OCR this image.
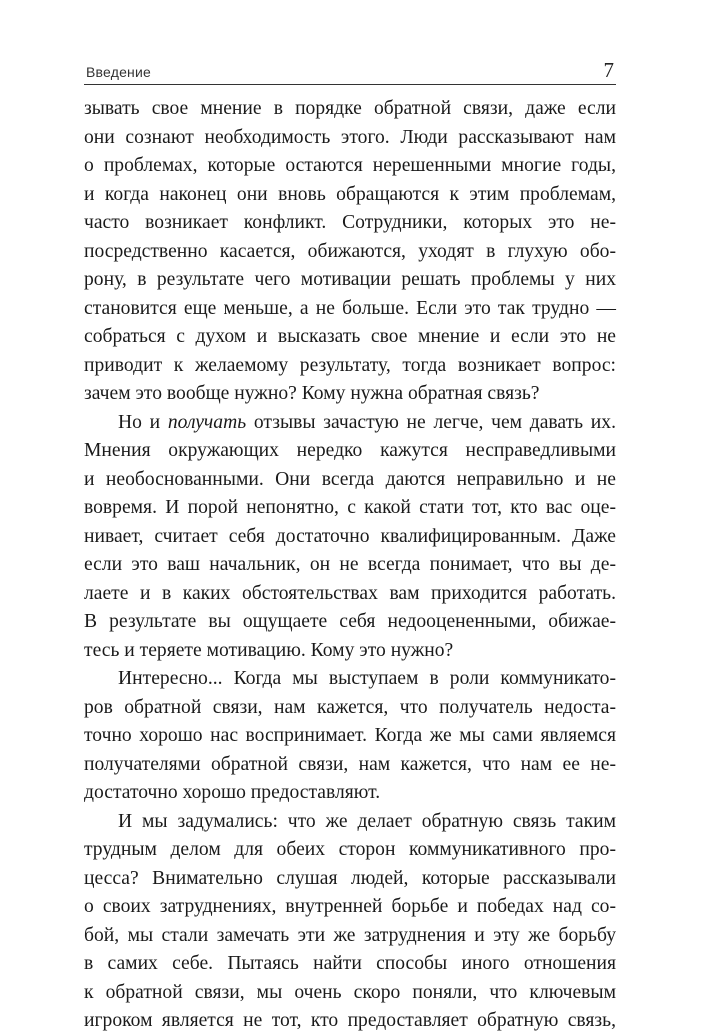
Введение	7
зывать свое мнение в порядке обратной связи, даже если
они сознают необходимость этого. Люди рассказывают нам
о проблемах, которые остаются нерешенными многие годы,
и когда наконец они вновь обращаются к этим проблемам,
часто возникает конфликт. Сотрудники, которых это не-
посредственно касается, обижаются, уходят в глухую обо-
рону, в результате чего мотивации решать проблемы у них
становится еще меньше, а не больше. Если это так трудно —
собраться с духом и высказать свое мнение и если это не
приводит к желаемому результату, тогда возникает вопрос:
зачем это вообще нужно? Кому нужна обратная связь?
Но и получать отзывы зачастую не легче, чем давать их.
Мнения окружающих нередко кажутся несправедливыми
и необоснованными. Они всегда даются неправильно и не
вовремя. И порой непонятно, с какой стати тот, кто вас оце-
нивает, считает себя достаточно квалифицированным. Даже
если это ваш начальник, он не всегда понимает, что вы де-
лаете и в каких обстоятельствах вам приходится работать.
В результате вы ощущаете себя недооцененными, обижае-
тесь и теряете мотивацию. Кому это нужно?
Интересно... Когда мы выступаем в роли коммуникато-
ров обратной связи, нам кажется, что получатель недоста-
точно хорошо нас воспринимает. Когда же мы сами являемся
получателями обратной связи, нам кажется, что нам ее не-
достаточно хорошо предоставляют.
И мы задумались: что же делает обратную связь таким
трудным делом для обеих сторон коммуникативного про-
цесса? Внимательно слушая людей, которые рассказывали
о своих затруднениях, внутренней борьбе и победах над со-
бой, мы стали замечать эти же затруднения и эту же борьбу
в самих себе. Пытаясь найти способы иного отношения
к обратной связи, мы очень скоро поняли, что ключевым
игроком является не тот, кто предоставляет обратную связь,
